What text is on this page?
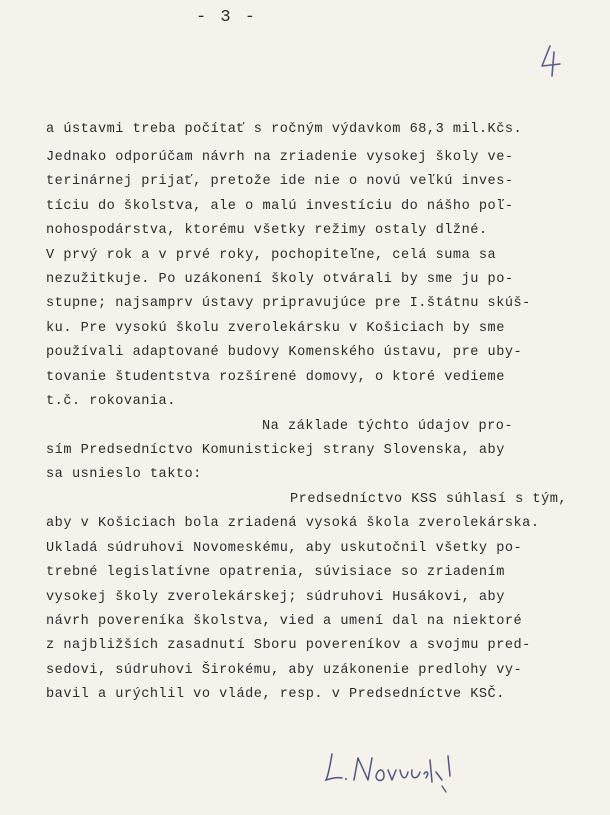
- 3 -
a ústavmi treba počítať s ročným výdavkom 68,3 mil.Kčs.
Jednako odporúčam návrh na zriadenie vysokej školy ve-
terinárnej prijať, pretože ide nie o novú veľkú inves-
tíciu do školstva, ale o malú investíciu do nášho poľ-
nohospodárstva, ktorému všetky režimy ostaly dlžné.
V prvý rok a v prvé roky, pochopiteľne, celá suma sa
nezužitkuje. Po uzákonení školy otvárali by sme ju po-
stupne; najsamprv ústavy pripravujúce pre I.štátnu skúš-
ku. Pre vysokú školu zverolekársku v Košiciach by sme
používali adaptované budovy Komenského ústavu, pre uby-
tovanie študentstva rozšírené domovy, o ktoré vedieme
t.č. rokovania.
Na základe týchto údajov pro-
sím Predsedníctvo Komunistickej strany Slovenska, aby
sa usnieslo takto:
Predsedníctvo KSS súhlasí s tým,
aby v Košiciach bola zriadená vysoká škola zverolekárska.
Ukladá súdruhovi Novomeskému, aby uskutočnil všetky po-
trebné legislatívne opatrenia, súvisiace so zriadením
vysokej školy zverolekárskej; súdruhovi Husákovi, aby
návrh povereníka školstva, vied a umení dal na niektoré
z najbližších zasadnutí Sboru povereníkov a svojmu pred-
sedovi, súdruhovi Širokému, aby uzákonenie predlohy vy-
bavil a urýchlil vo vláde, resp. v Predsedníctve KSČ.
